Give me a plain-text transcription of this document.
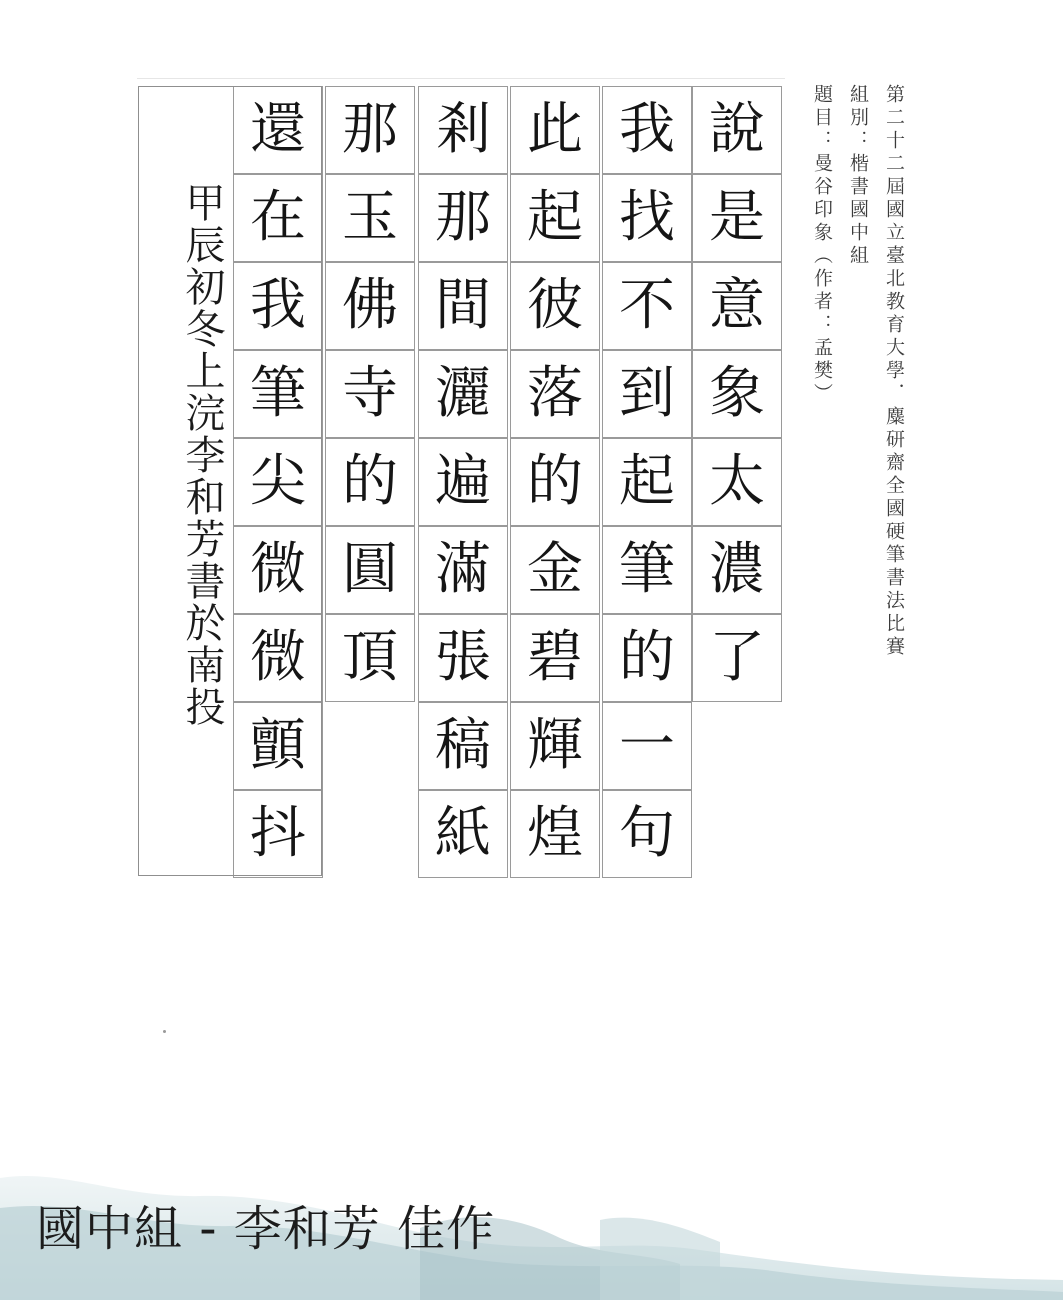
說
是
意
象
太
濃
了
我
找
不
到
起
筆
的
一
句
此
起
彼
落
的
金
碧
輝
煌
剎
那
間
灑
遍
滿
張
稿
紙
那
玉
佛
寺
的
圓
頂
還
在
我
筆
尖
微
微
顫
抖
甲辰初冬上浣李和芳書於南投	第二十二屆國立臺北教育大學．麋研齋全國硬筆書法比賽
組別：楷書國中組
題目：曼谷印象（作者：孟樊）
國中組 - 李和芳 佳作
